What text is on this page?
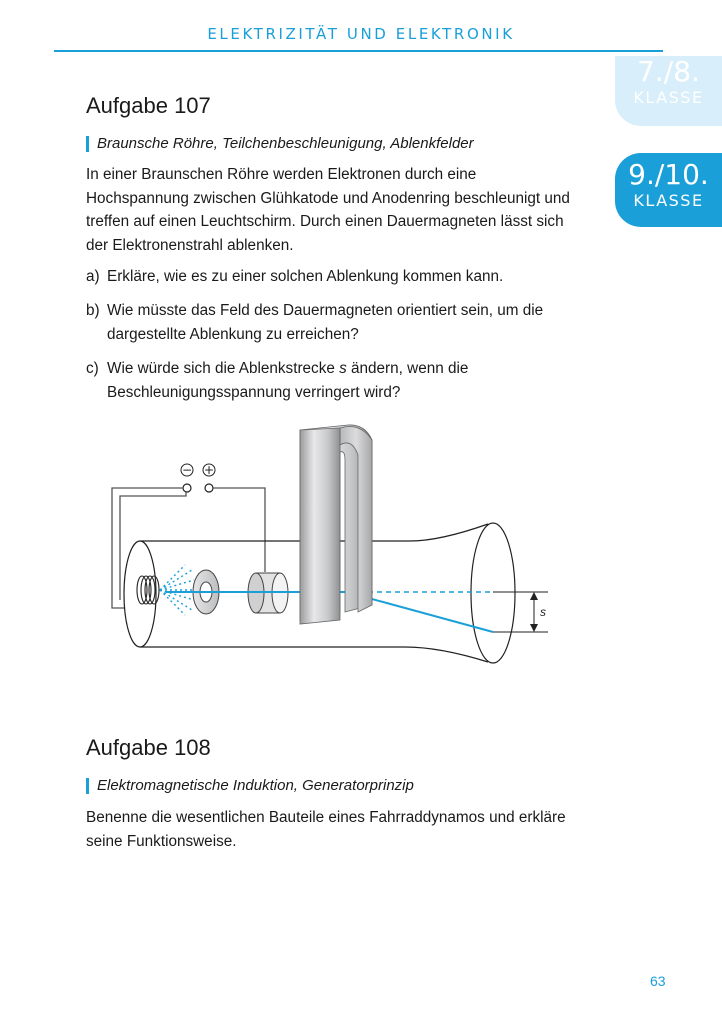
ELEKTRIZITÄT UND ELEKTRONIK
7./8.
KLASSE
9./10.
KLASSE
Aufgabe 107
Braunsche Röhre, Teilchenbeschleunigung, Ablenkfelder

In einer Braunschen Röhre werden Elektronen durch eine Hochspannung zwischen Glühkatode und Anodenring beschleunigt und treffen auf einen Leuchtschirm. Durch einen Dauermagneten lässt sich der Elektronenstrahl ablenken.

a) Erkläre, wie es zu einer solchen Ablenkung kommen kann.
b) Wie müsste das Feld des Dauermagneten orientiert sein, um die dargestellte Ablenkung zu erreichen?
c) Wie würde sich die Ablenkstrecke s ändern, wenn die Beschleunigungsspannung verringert wird?
− +
s
Aufgabe 108
Elektromagnetische Induktion, Generatorprinzip

Benenne die wesentlichen Bauteile eines Fahrraddynamos und erkläre seine Funktionsweise.

63
